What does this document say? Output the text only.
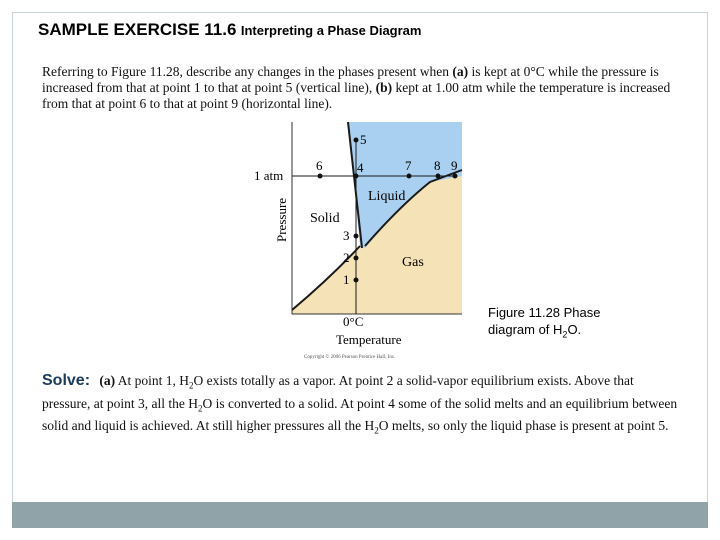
SAMPLE EXERCISE 11.6 Interpreting a Phase Diagram
Referring to Figure 11.28, describe any changes in the phases present when (a) is kept at 0°C while the pressure is increased from that at point 1 to that at point 5 (vertical line), (b) kept at 1.00 atm while the temperature is increased from that at point 6 to that at point 9 (horizontal line).
5
4
3
2
1
6	7 8 9
Solid
Liquid
Gas
1 atm
Pressure
0°C
Temperature
Copyright © 2006 Pearson Prentice Hall, Inc.
Figure 11.28 Phase diagram of $H_2O$.
Solve: (a) At point 1, $H_2O$ exists totally as a vapor. At point 2 a solid-vapor equilibrium exists. Above that pressure, at point 3, all the $H_2O$ is converted to a solid. At point 4 some of the solid melts and an equilibrium between solid and liquid is achieved. At still higher pressures all the $H_2O$ melts, so only the liquid phase is present at point 5.
